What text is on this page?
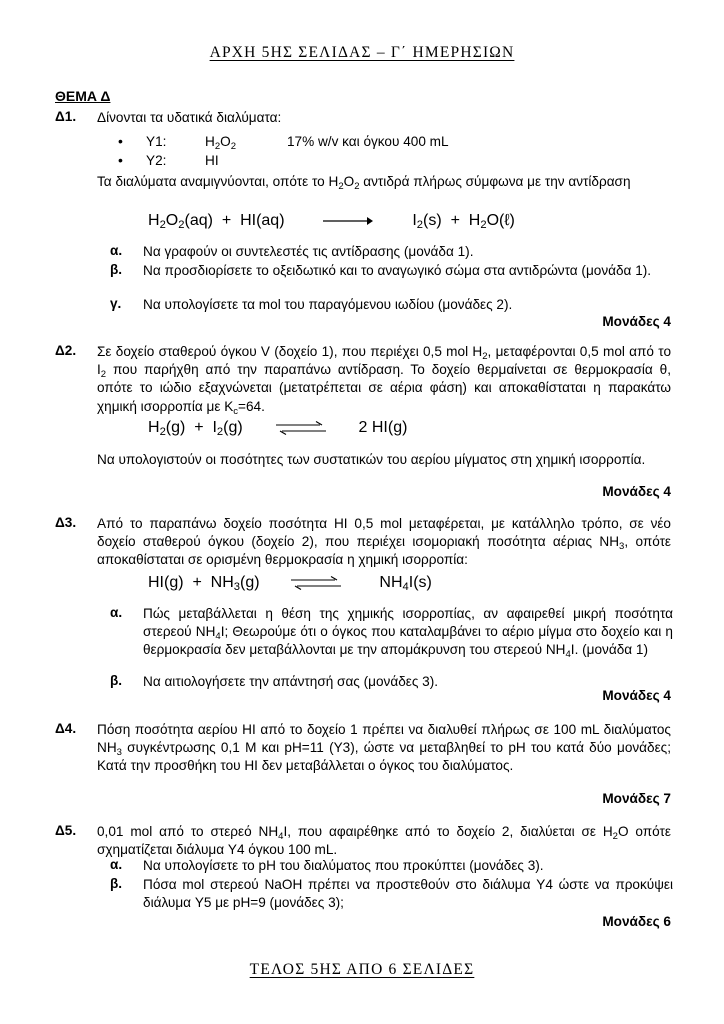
ΑΡΧΗ 5ΗΣ ΣΕΛΙΔΑΣ – Γ΄ ΗΜΕΡΗΣΙΩΝ
ΤΕΛΟΣ 5ΗΣ ΑΠΟ 6 ΣΕΛΙΔΕΣ
ΘΕΜΑ Δ
Δ1. Δίνονται τα υδατικά διαλύματα:
• Υ1:	$H_2O_2$	17% w/v και όγκου 400 mL
• Υ2:	HI
Τα διαλύματα αναμιγνύονται, οπότε το $H_2O_2$ αντιδρά πλήρως σύμφωνα με την αντίδραση
$H_2O_2(aq) + HI(aq)$	$I_2(s)$  +  $H_2O(\ell)$
α. Να γραφούν οι συντελεστές τις αντίδρασης (μονάδα 1).
β. Να προσδιορίσετε το οξειδωτικό και το αναγωγικό σώμα στα αντιδρώντα (μονάδα 1).
γ. Να υπολογίσετε τα mol του παραγόμενου ιωδίου (μονάδες 2).
Μονάδες 4
Δ2. Σε δοχείο σταθερού όγκου V (δοχείο 1), που περιέχει 0,5 mol $H_2$, μεταφέρονται 0,5 mol από το $I_2$ που παρήχθη από την παραπάνω αντίδραση. Το δοχείο θερμαίνεται σε θερμοκρασία θ, οπότε το ιώδιο εξαχνώνεται (μετατρέπεται σε αέρια φάση) και αποκαθίσταται η παρακάτω χημική ισορροπία με $K_c=64$.
$H_2(g) + I_2(g)$	2 HI(g)
Να υπολογιστούν οι ποσότητες των συστατικών του αερίου μίγματος στη χημική ισορροπία.
Μονάδες 4
Δ3. Από το παραπάνω δοχείο ποσότητα HI 0,5 mol μεταφέρεται, με κατάλληλο τρόπο, σε νέο δοχείο σταθερού όγκου (δοχείο 2), που περιέχει ισομοριακή ποσότητα αέριας $NH_3$, οπότε αποκαθίσταται σε ορισμένη θερμοκρασία η χημική ισορροπία:
$HI(g) + NH_3(g)$	$NH_4I(s)$
α. Πώς μεταβάλλεται η θέση της χημικής ισορροπίας, αν αφαιρεθεί μικρή ποσότητα στερεού $NH_4I$; Θεωρούμε ότι ο όγκος που καταλαμβάνει το αέριο μίγμα στο δοχείο και η θερμοκρασία δεν μεταβάλλονται με την απομάκρυνση του στερεού $NH_4I$. (μονάδα 1)
β. Να αιτιολογήσετε την απάντησή σας (μονάδες 3).
Μονάδες 4
Δ4. Πόση ποσότητα αερίου HI από το δοχείο 1 πρέπει να διαλυθεί πλήρως σε 100 mL διαλύματος $NH_3$ συγκέντρωσης 0,1 M και pH=11 (Y3), ώστε να μεταβληθεί το pH του κατά δύο μονάδες; Κατά την προσθήκη του HI δεν μεταβάλλεται ο όγκος του διαλύματος.
Μονάδες 7
Δ5. 0,01 mol από το στερεό $NH_4I$, που αφαιρέθηκε από το δοχείο 2, διαλύεται σε $H_2O$ οπότε σχηματίζεται διάλυμα Y4 όγκου 100 mL.
α. Να υπολογίσετε το pH του διαλύματος που προκύπτει (μονάδες 3).
β. Πόσα mol στερεού NaOH πρέπει να προστεθούν στο διάλυμα Y4 ώστε να προκύψει διάλυμα Y5 με pH=9 (μονάδες 3);
Μονάδες 6
